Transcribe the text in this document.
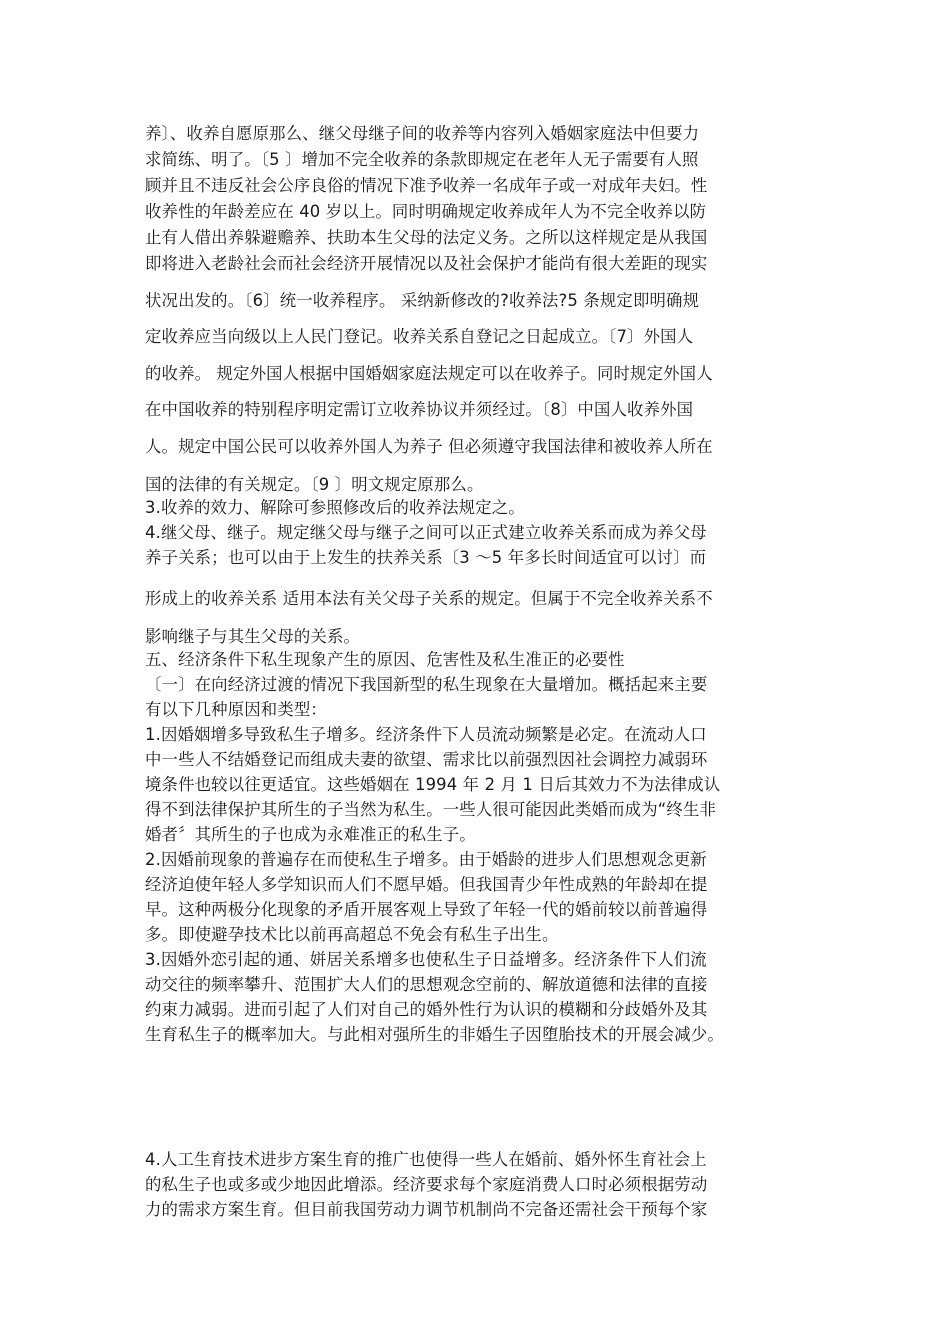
养〕、收养自愿原那么、继父母继子间的收养等内容列入婚姻家庭法中但要力
求简练、明了。〔5 〕增加不完全收养的条款即规定在老年人无子需要有人照
顾并且不违反社会公序良俗的情况下准予收养一名成年子或一对成年夫妇。性
收养性的年龄差应在 40 岁以上。同时明确规定收养成年人为不完全收养以防
止有人借出养躲避赡养、扶助本生父母的法定义务。之所以这样规定是从我国
即将进入老龄社会而社会经济开展情况以及社会保护才能尚有很大差距的现实
状况出发的。〔6〕统一收养程序。 采纳新修改的?收养法?5 条规定即明确规
定收养应当向级以上人民门登记。收养关系自登记之日起成立。〔7〕外国人
的收养。 规定外国人根据中国婚姻家庭法规定可以在收养子。同时规定外国人
在中国收养的特别程序明定需订立收养协议并须经过。〔8〕中国人收养外国
人。规定中国公民可以收养外国人为养子 但必须遵守我国法律和被收养人所在
国的法律的有关规定。〔9 〕明文规定原那么。
3.收养的效力、解除可参照修改后的收养法规定之。
4.继父母、继子。规定继父母与继子之间可以正式建立收养关系而成为养父母
养子关系；也可以由于上发生的扶养关系〔3 ～5 年多长时间适宜可以讨〕而
形成上的收养关系 适用本法有关父母子关系的规定。但属于不完全收养关系不
影响继子与其生父母的关系。
五、经济条件下私生现象产生的原因、危害性及私生准正的必要性
〔一〕在向经济过渡的情况下我国新型的私生现象在大量增加。概括起来主要
有以下几种原因和类型：
1.因婚姻增多导致私生子增多。经济条件下人员流动频繁是必定。在流动人口
中一些人不结婚登记而组成夫妻的欲望、需求比以前强烈因社会调控力减弱环
境条件也较以往更适宜。这些婚姻在 1994 年 2 月 1 日后其效力不为法律成认
得不到法律保护其所生的子当然为私生。一些人很可能因此类婚而成为“终生非
婚者〞其所生的子也成为永难准正的私生子。
2.因婚前现象的普遍存在而使私生子增多。由于婚龄的进步人们思想观念更新
经济迫使年轻人多学知识而人们不愿早婚。但我国青少年性成熟的年龄却在提
早。这种两极分化现象的矛盾开展客观上导致了年轻一代的婚前较以前普遍得
多。即使避孕技术比以前再高超总不免会有私生子出生。
3.因婚外恋引起的通、姘居关系增多也使私生子日益增多。经济条件下人们流
动交往的频率攀升、范围扩大人们的思想观念空前的、解放道德和法律的直接
约束力减弱。进而引起了人们对自己的婚外性行为认识的模糊和分歧婚外及其
生育私生子的概率加大。与此相对强所生的非婚生子因堕胎技术的开展会减少。
4.人工生育技术进步方案生育的推广也使得一些人在婚前、婚外怀生育社会上
的私生子也或多或少地因此增添。经济要求每个家庭消费人口时必须根据劳动
力的需求方案生育。但目前我国劳动力调节机制尚不完备还需社会干预每个家
